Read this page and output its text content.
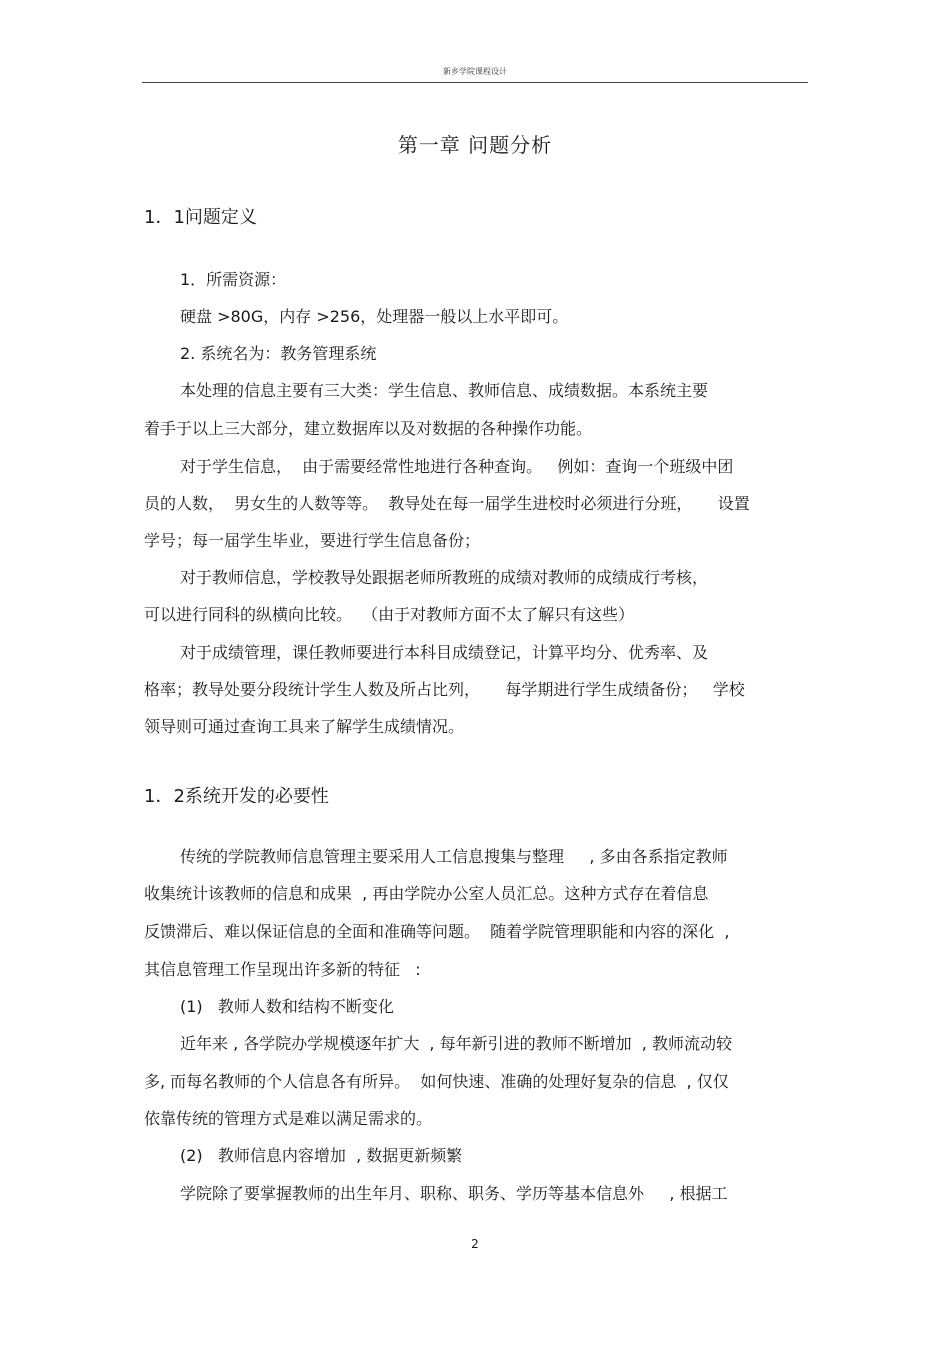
新乡学院课程设计
第一章 问题分析
1．1问题定义
1．所需资源：
硬盘 >80G，内存 >256，处理器一般以上水平即可。
2. 系统名为：教务管理系统
本处理的信息主要有三大类：学生信息、教师信息、成绩数据。本系统主要
着手于以上三大部分，建立数据库以及对数据的各种操作功能。
对于学生信息，  由于需要经常性地进行各种查询。   例如：查询一个班级中团
员的人数，  男女生的人数等等。  教导处在每一届学生进校时必须进行分班，     设置
学号；每一届学生毕业，要进行学生信息备份；
对于教师信息，学校教导处跟据老师所教班的成绩对教师的成绩成行考核，
可以进行同科的纵横向比较。  （由于对教师方面不太了解只有这些）
对于成绩管理，课任教师要进行本科目成绩登记，计算平均分、优秀率、及
格率；教导处要分段统计学生人数及所占比列，     每学期进行学生成绩备份；   学校
领导则可通过查询工具来了解学生成绩情况。
1．2系统开发的必要性
传统的学院教师信息管理主要采用人工信息搜集与整理     , 多由各系指定教师
收集统计该教师的信息和成果  , 再由学院办公室人员汇总。这种方式存在着信息
反馈滞后、难以保证信息的全面和准确等问题。  随着学院管理职能和内容的深化  ,
其信息管理工作呈现出许多新的特征   :
(1)   教师人数和结构不断变化
近年来 , 各学院办学规模逐年扩大  , 每年新引进的教师不断增加  , 教师流动较
多, 而每名教师的个人信息各有所异。  如何快速、准确的处理好复杂的信息  , 仅仅
依靠传统的管理方式是难以满足需求的。
(2)   教师信息内容增加  , 数据更新频繁
学院除了要掌握教师的出生年月、职称、职务、学历等基本信息外     , 根据工
2
